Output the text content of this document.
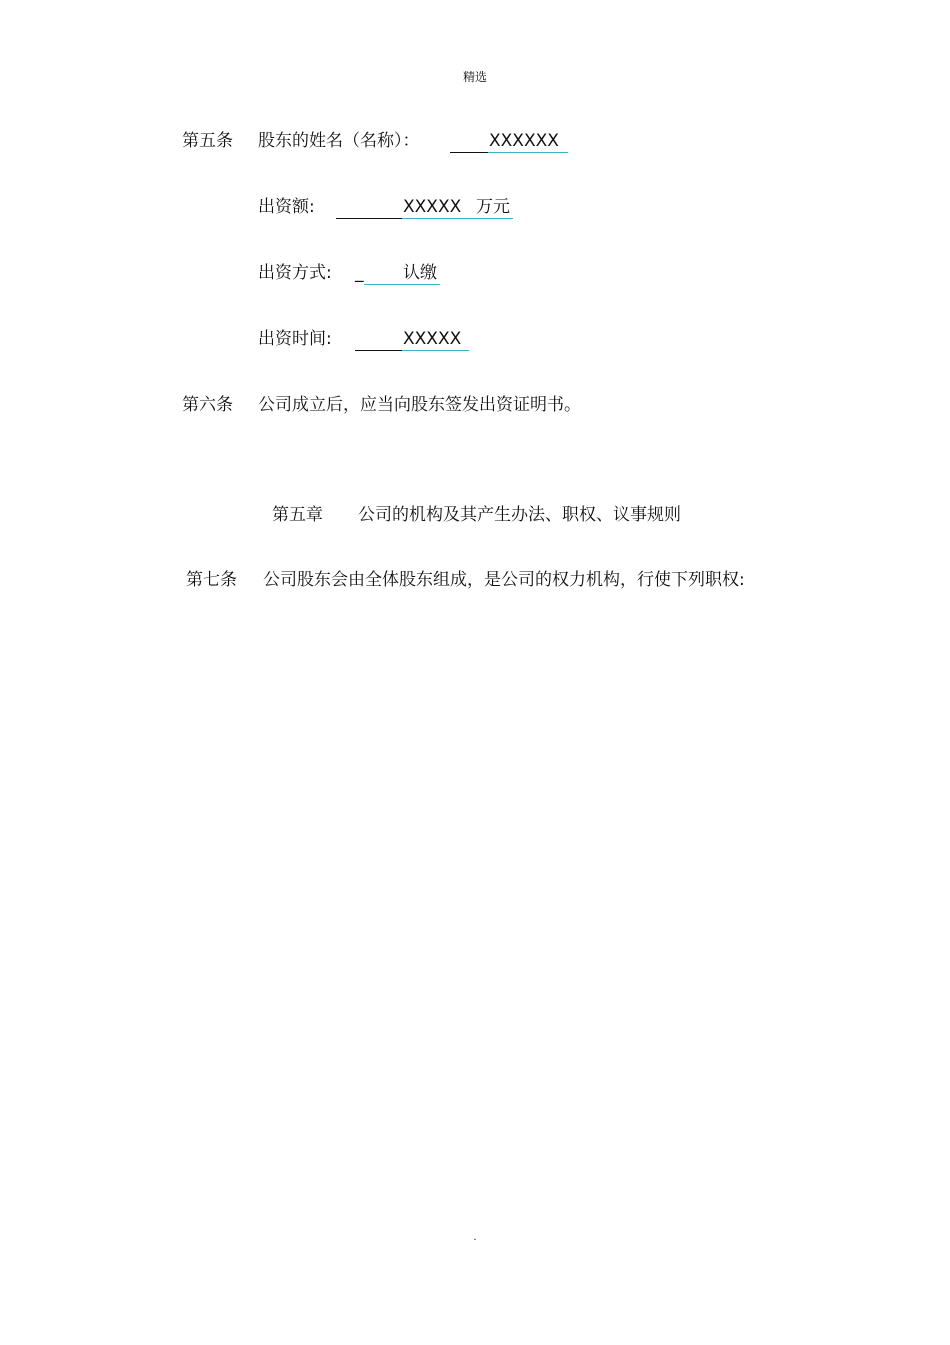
精选
第五条 股东的姓名（名称）：	XXXXXX
出资额:	XXXXX 万元
出资方式: _ 认缴
出资时间:	XXXXX
第六条 公司成立后，应当向股东签发出资证明书。
第五章 公司的机构及其产生办法、职权、议事规则
第七条 公司股东会由全体股东组成，是公司的权力机构，行使下列职权:
.
